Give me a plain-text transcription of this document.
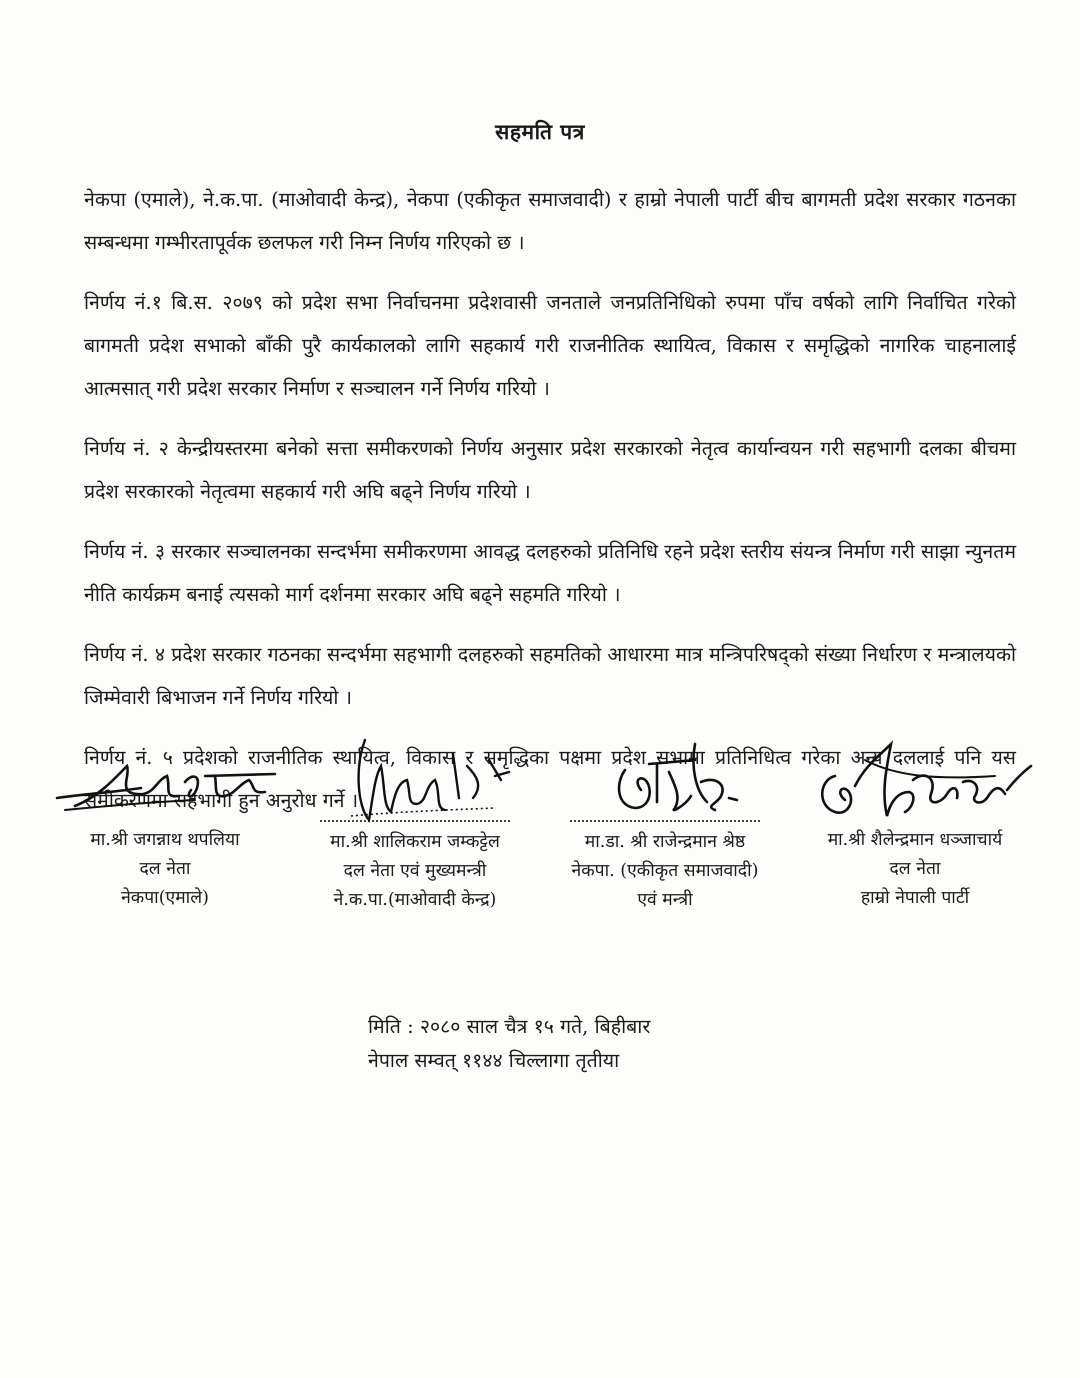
सहमति पत्र

नेकपा (एमाले), ने.क.पा. (माओवादी केन्द्र), नेकपा (एकीकृत समाजवादी) र हाम्रो नेपाली पार्टी बीच बागमती प्रदेश सरकार गठनका सम्बन्धमा गम्भीरतापूर्वक छलफल गरी निम्न निर्णय गरिएको छ ।

निर्णय नं.१ बि.स. २०७९ को प्रदेश सभा निर्वाचनमा प्रदेशवासी जनताले जनप्रतिनिधिको रुपमा पाँच वर्षको लागि निर्वाचित गरेको बागमती प्रदेश सभाको बाँकी पुरै कार्यकालको लागि सहकार्य गरी राजनीतिक स्थायित्व, विकास र समृद्धिको नागरिक चाहनालाई आत्मसात् गरी प्रदेश सरकार निर्माण र सञ्चालन गर्ने निर्णय गरियो ।

निर्णय नं. २ केन्द्रीयस्तरमा बनेको सत्ता समीकरणको निर्णय अनुसार प्रदेश सरकारको नेतृत्व कार्यान्वयन गरी सहभागी दलका बीचमा प्रदेश सरकारको नेतृत्वमा सहकार्य गरी अघि बढ्ने निर्णय गरियो ।

निर्णय नं. ३ सरकार सञ्चालनका सन्दर्भमा समीकरणमा आवद्ध दलहरुको प्रतिनिधि रहने प्रदेश स्तरीय संयन्त्र निर्माण गरी साझा न्युनतम नीति कार्यक्रम बनाई त्यसको मार्ग दर्शनमा सरकार अघि बढ्ने सहमति गरियो ।

निर्णय नं. ४ प्रदेश सरकार गठनका सन्दर्भमा सहभागी दलहरुको सहमतिको आधारमा मात्र मन्त्रिपरिषद्को संख्या निर्धारण र मन्त्रालयको जिम्मेवारी बिभाजन गर्ने निर्णय गरियो ।

निर्णय नं. ५ प्रदेशको राजनीतिक स्थायित्व, विकास र समृद्धिका पक्षमा प्रदेश सभामा प्रतिनिधित्व गरेका अन्य दललाई पनि यस समीकरणमा सहभागी हुन अनुरोध गर्ने ।

मा.श्री जगन्नाथ थपलिया
दल नेता
नेकपा(एमाले)
मा.श्री शालिकराम जम्कट्टेल
दल नेता एवं मुख्यमन्त्री
ने.क.पा.(माओवादी केन्द्र)
मा.डा. श्री राजेन्द्रमान श्रेष्ठ
नेकपा. (एकीकृत समाजवादी)
एवं मन्त्री
मा.श्री शैलेन्द्रमान धञ्जाचार्य
दल नेता
हाम्रो नेपाली पार्टी
मिति : २०८० साल चैत्र १५ गते, बिहीबार
नेपाल सम्वत् ११४४ चिल्लागा तृतीया
